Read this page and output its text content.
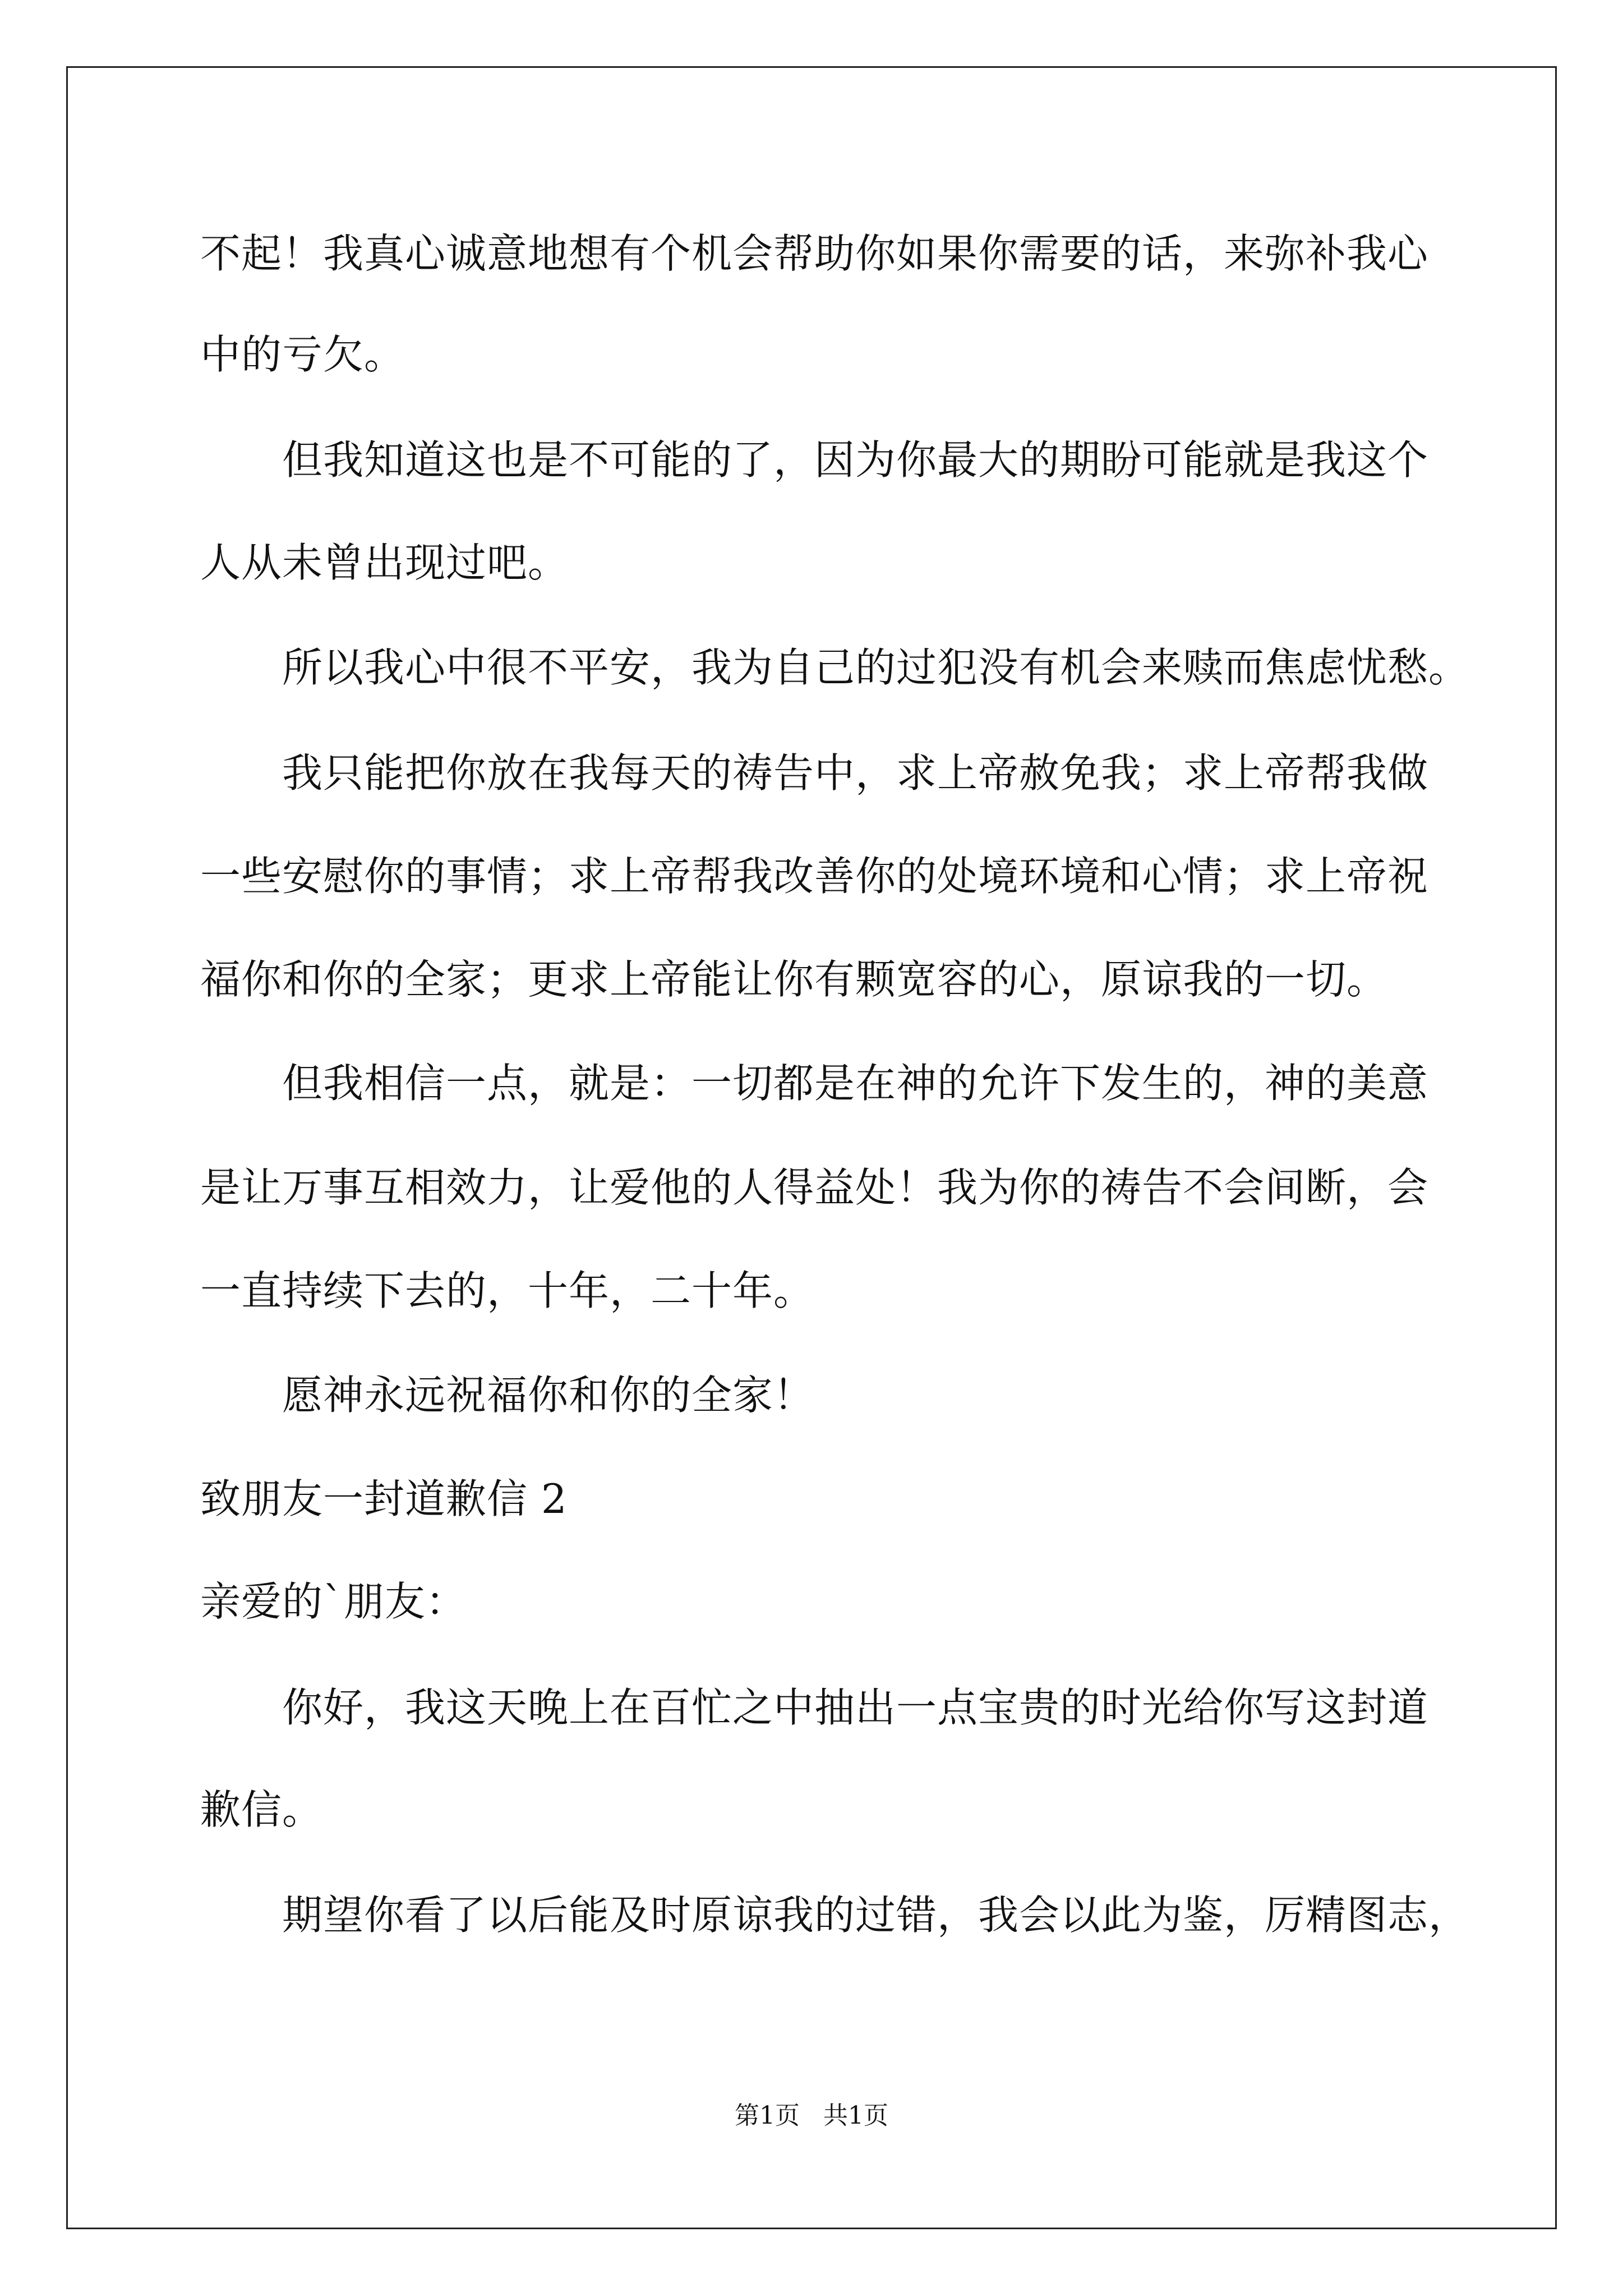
不起！我真心诚意地想有个机会帮助你如果你需要的话，来弥补我心

中的亏欠。

但我知道这也是不可能的了，因为你最大的期盼可能就是我这个

人从未曾出现过吧。

所以我心中很不平安，我为自己的过犯没有机会来赎而焦虑忧愁。

我只能把你放在我每天的祷告中，求上帝赦免我；求上帝帮我做

一些安慰你的事情；求上帝帮我改善你的处境环境和心情；求上帝祝

福你和你的全家；更求上帝能让你有颗宽容的心，原谅我的一切。

但我相信一点，就是：一切都是在神的允许下发生的，神的美意

是让万事互相效力，让爱他的人得益处！我为你的祷告不会间断，会

一直持续下去的，十年，二十年。

愿神永远祝福你和你的全家！

致朋友一封道歉信 2

亲爱的`朋友：

你好，我这天晚上在百忙之中抽出一点宝贵的时光给你写这封道

歉信。

期望你看了以后能及时原谅我的过错，我会以此为鉴，厉精图志，

第1页   共1页
